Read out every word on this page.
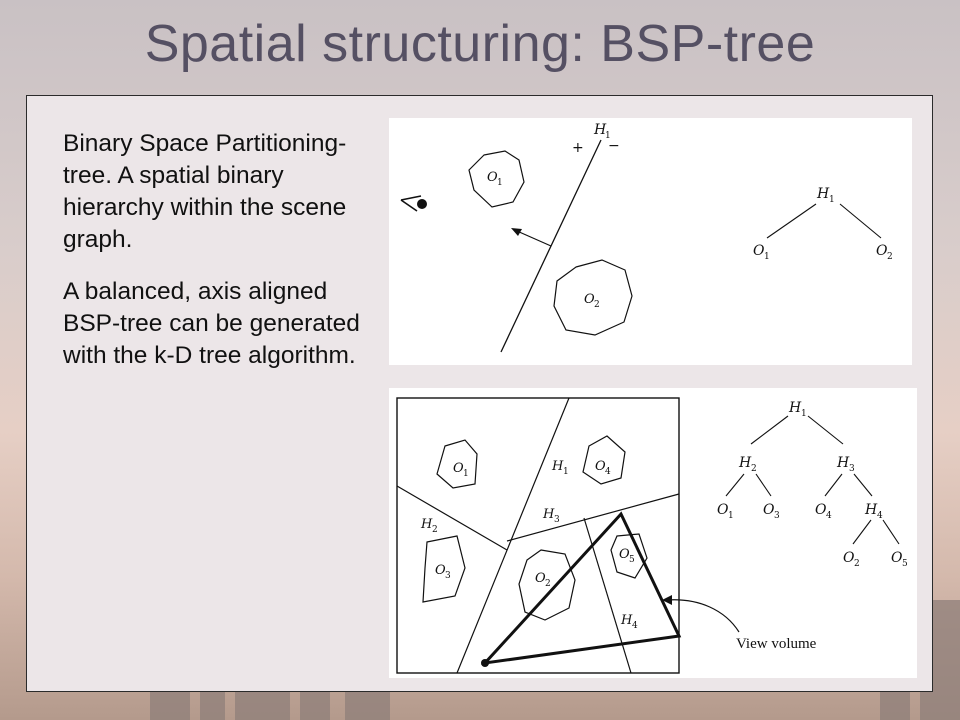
Spatial structuring: BSP-tree

Binary Space Partitioning-tree. A spatial binary hierarchy within the scene graph.

A balanced, axis aligned BSP-tree can be generated with the k-D tree algorithm.

H
1
+ −
O 1
O 2
H 1
O 1	O 2
O 1	H 1 O 4
H 2
H 3
O 3	O 2
O 5
H 4
View volume
H 1
H 2	H 3
O 1 O 3	O 4 H 4
O 2 O 5
